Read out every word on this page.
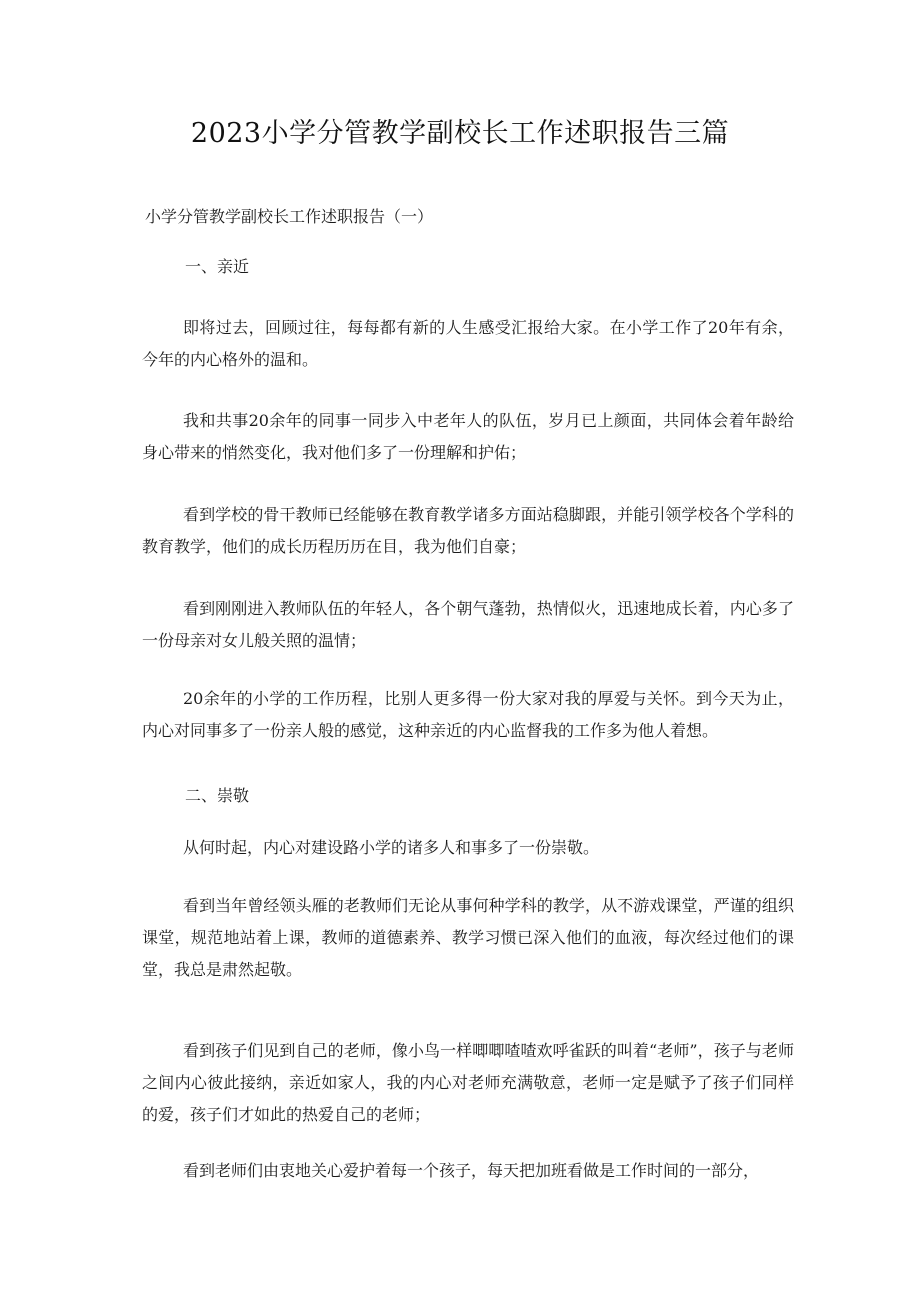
2023小学分管教学副校长工作述职报告三篇
小学分管教学副校长工作述职报告（一）
一、亲近

即将过去，回顾过往，每每都有新的人生感受汇报给大家。在小学工作了20年有余，今年的内心格外的温和。

我和共事20余年的同事一同步入中老年人的队伍，岁月已上颜面，共同体会着年龄给身心带来的悄然变化，我对他们多了一份理解和护佑；

看到学校的骨干教师已经能够在教育教学诸多方面站稳脚跟，并能引领学校各个学科的教育教学，他们的成长历程历历在目，我为他们自豪；

看到刚刚进入教师队伍的年轻人，各个朝气蓬勃，热情似火，迅速地成长着，内心多了一份母亲对女儿般关照的温情；

20余年的小学的工作历程，比别人更多得一份大家对我的厚爱与关怀。到今天为止，内心对同事多了一份亲人般的感觉，这种亲近的内心监督我的工作多为他人着想。

二、崇敬

从何时起，内心对建设路小学的诸多人和事多了一份崇敬。

看到当年曾经领头雁的老教师们无论从事何种学科的教学，从不游戏课堂，严谨的组织课堂，规范地站着上课，教师的道德素养、教学习惯已深入他们的血液，每次经过他们的课堂，我总是肃然起敬。

看到孩子们见到自己的老师，像小鸟一样唧唧喳喳欢呼雀跃的叫着“老师”，孩子与老师之间内心彼此接纳，亲近如家人，我的内心对老师充满敬意，老师一定是赋予了孩子们同样的爱，孩子们才如此的热爱自己的老师；

看到老师们由衷地关心爱护着每一个孩子，每天把加班看做是工作时间的一部分，
